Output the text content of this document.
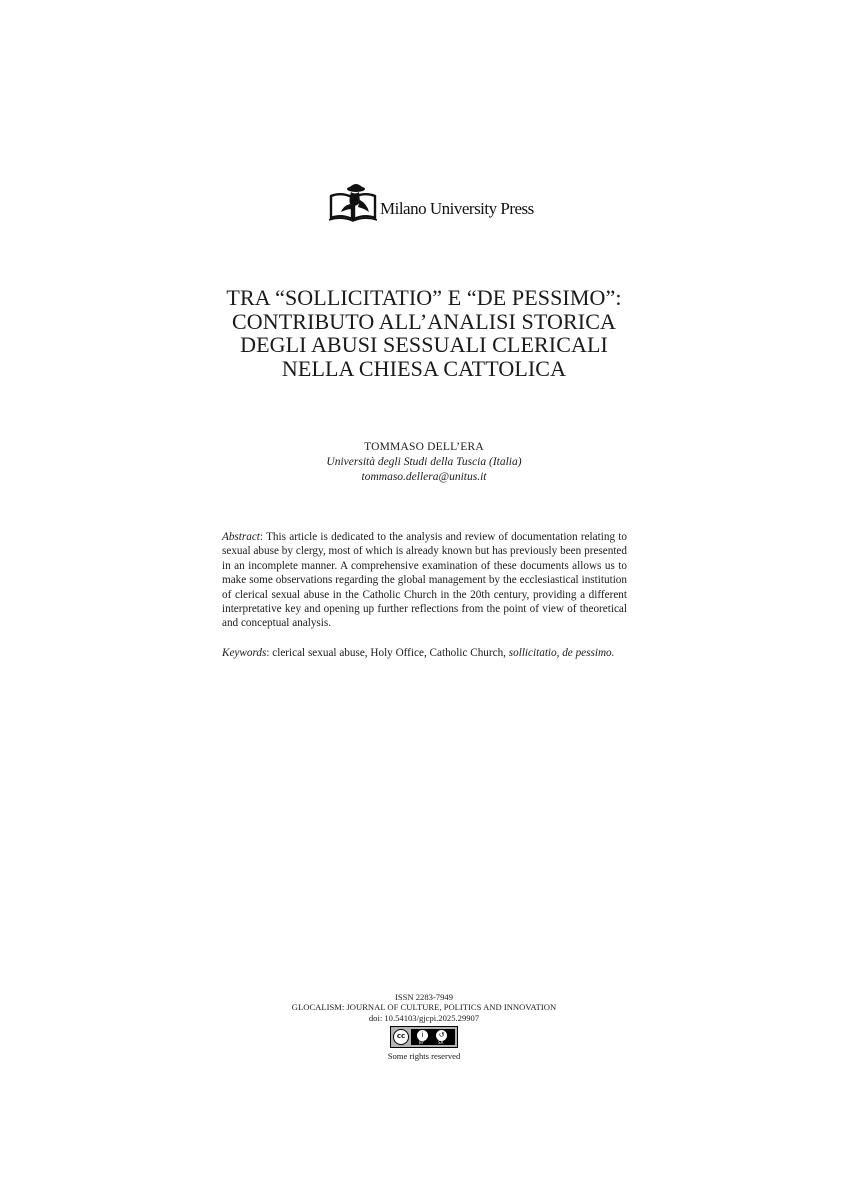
Milano University Press
TRA “SOLLICITATIO” E “DE PESSIMO”:
CONTRIBUTO ALL’ANALISI STORICA
DEGLI ABUSI SESSUALI CLERICALI
NELLA CHIESA CATTOLICA
TOMMASO DELL’ERA
Università degli Studi della Tuscia (Italia)
tommaso.dellera@unitus.it
Abstract: This article is dedicated to the analysis and review of documentation relating to sexual abuse by clergy, most of which is already known but has previously been presented in an incomplete manner. A comprehensive examination of these documents allows us to make some observations regarding the global management by the ecclesiastical institution of clerical sexual abuse in the Catholic Church in the 20th century, providing a different interpretative key and opening up further reflections from the point of view of theoretical and conceptual analysis.
Keywords: clerical sexual abuse, Holy Office, Catholic Church, sollicitatio, de pessimo.
ISSN 2283-7949
GLOCALISM: JOURNAL OF CULTURE, POLITICS AND INNOVATION
doi: 10.54103/gjcpi.2025.29907
cc	i	↺
BY	SA
Some rights reserved
